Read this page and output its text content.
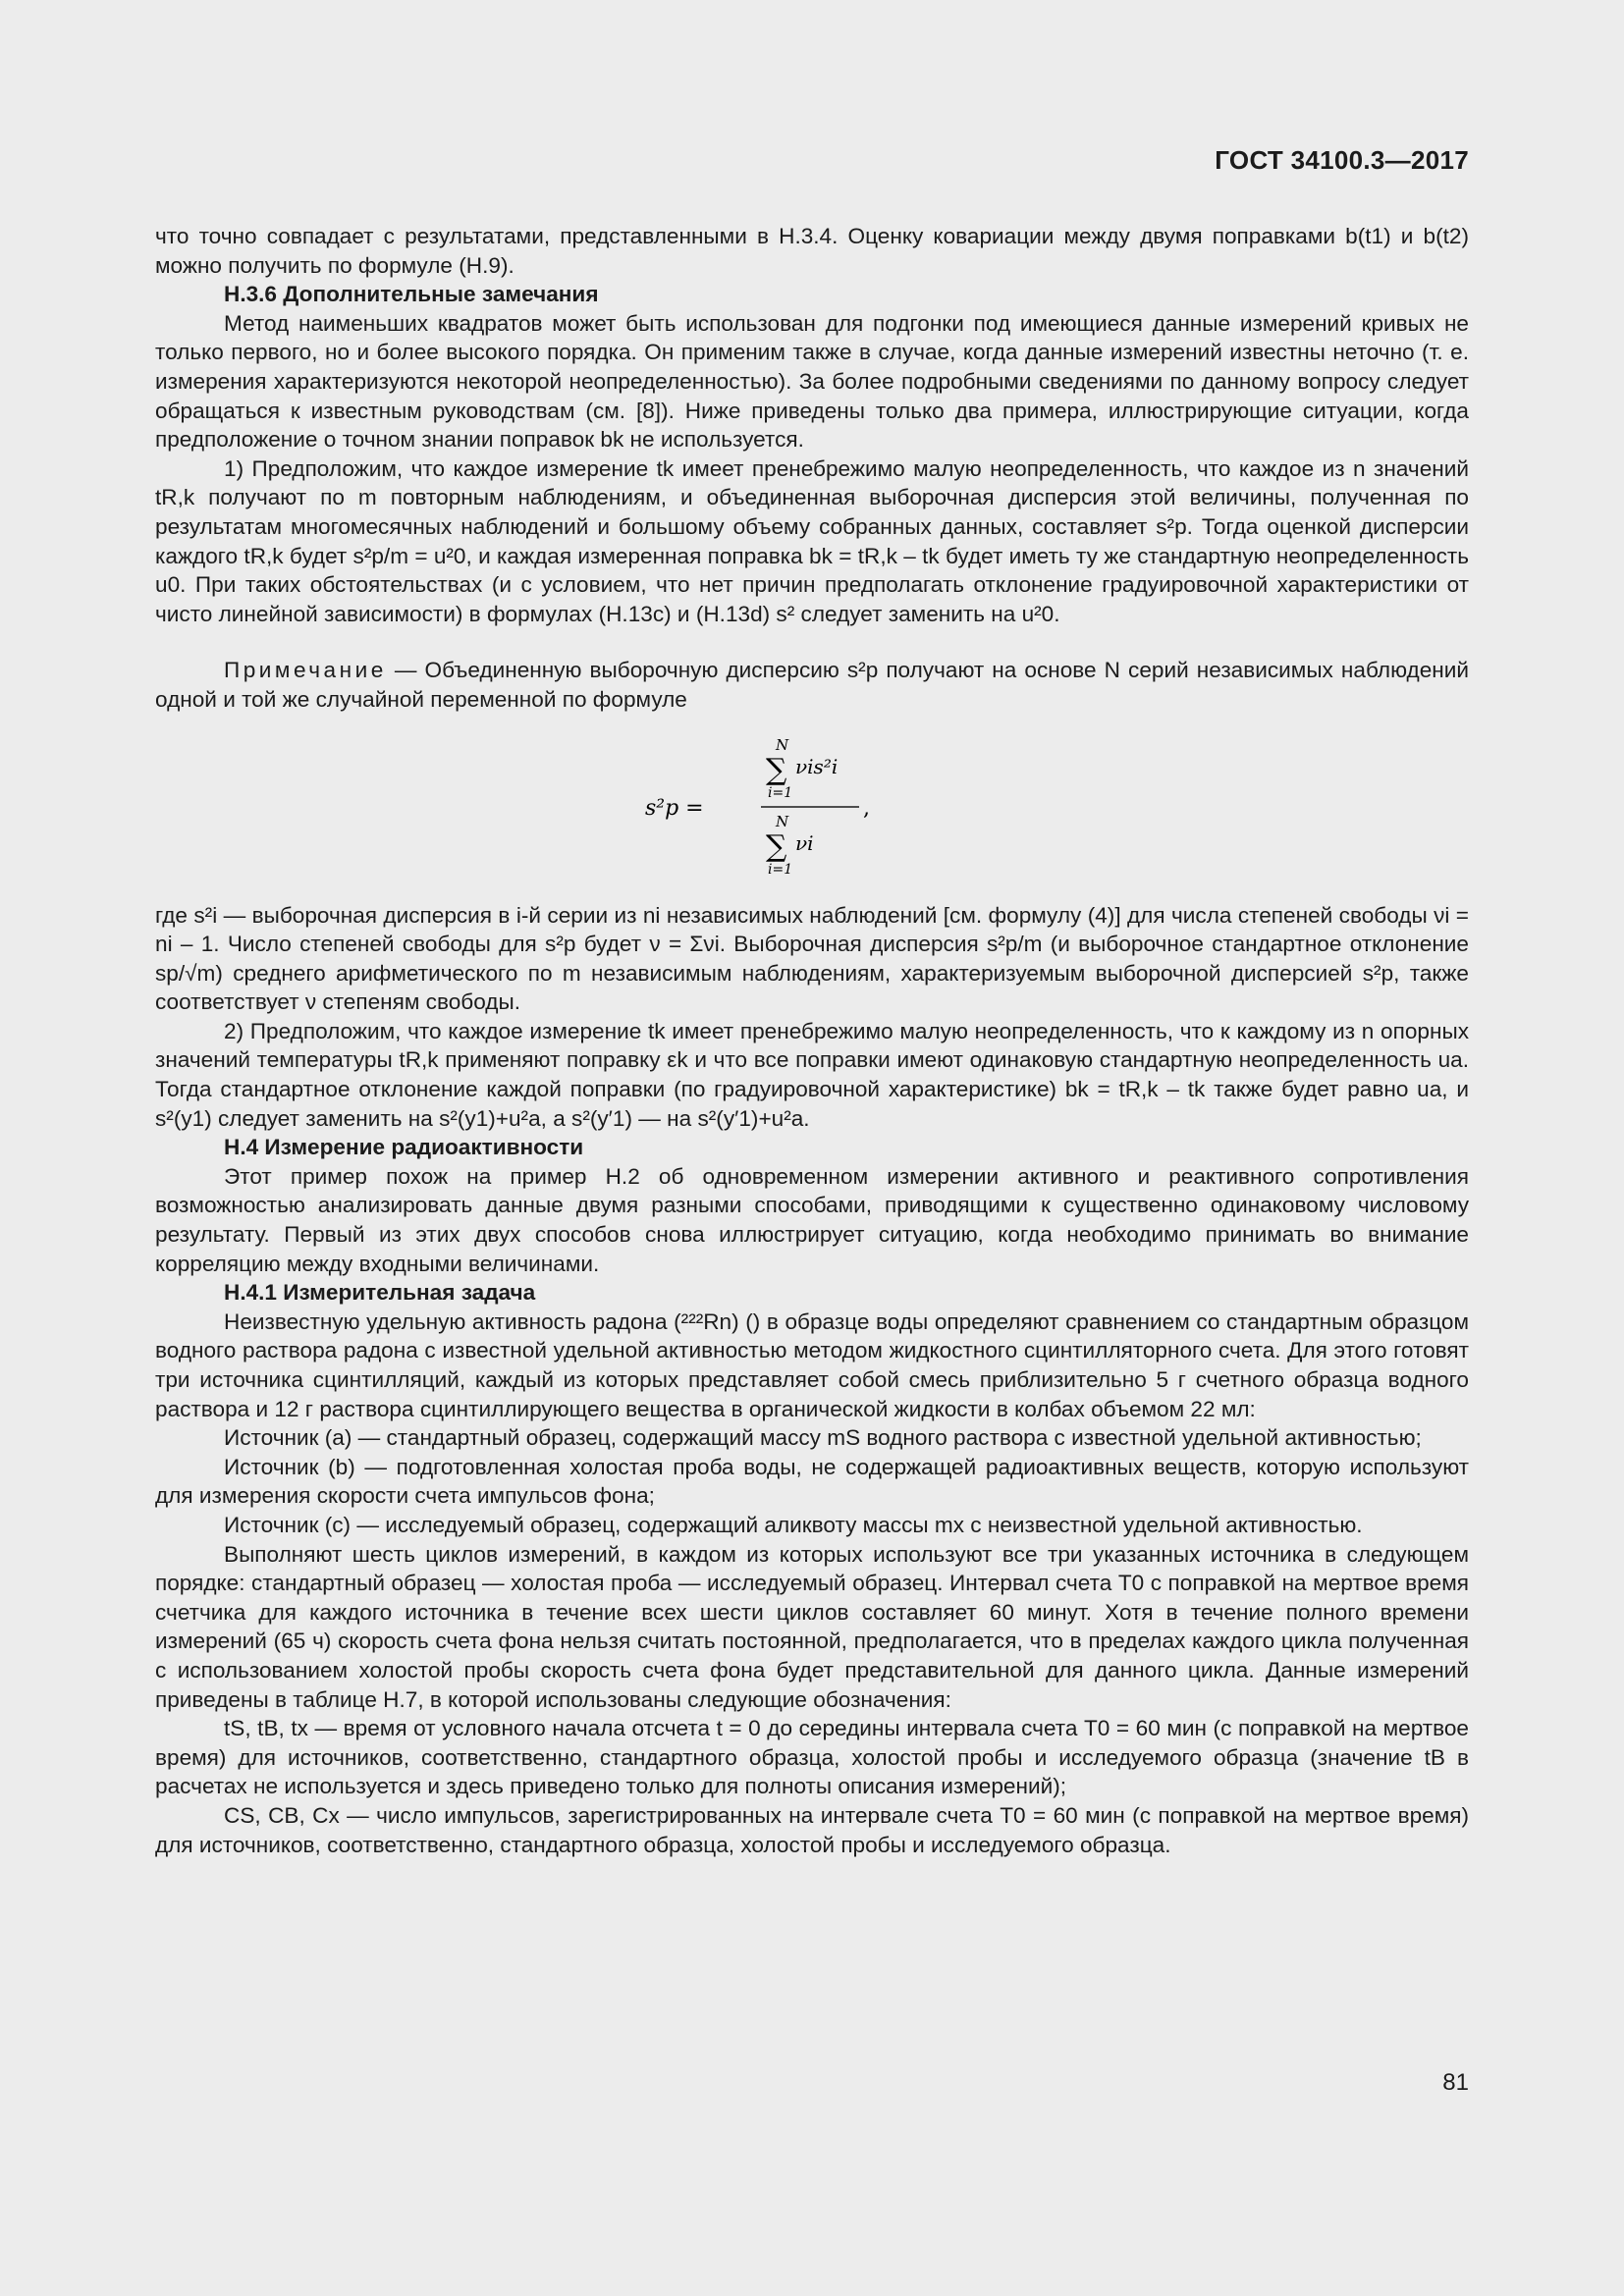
ГОСТ 34100.3—2017

что точно совпадает с результатами, представленными в Н.3.4. Оценку ковариации между двумя поправками b(t1) и b(t2) можно получить по формуле (Н.9).

Н.3.6 Дополнительные замечания

Метод наименьших квадратов может быть использован для подгонки под имеющиеся данные измерений кривых не только первого, но и более высокого порядка. Он применим также в случае, когда данные измерений известны неточно (т. е. измерения характеризуются некоторой неопределенностью). За более подробными сведениями по данному вопросу следует обращаться к известным руководствам (см. [8]). Ниже приведены только два примера, иллюстрирующие ситуации, когда предположение о точном знании поправок bk не используется.

1) Предположим, что каждое измерение tk имеет пренебрежимо малую неопределенность, что каждое из n значений tR,k получают по m повторным наблюдениям, и объединенная выборочная дисперсия этой величины, полученная по результатам многомесячных наблюдений и большому объему собранных данных, составляет s²p. Тогда оценкой дисперсии каждого tR,k будет s²p/m = u²0, и каждая измеренная поправка bk = tR,k – tk будет иметь ту же стандартную неопределенность u0. При таких обстоятельствах (и с условием, что нет причин предполагать отклонение градуировочной характеристики от чисто линейной зависимости) в формулах (Н.13c) и (Н.13d) s² следует заменить на u²0.

Примечание — Объединенную выборочную дисперсию s²p получают на основе N серий независимых наблюдений одной и той же случайной переменной по формуле

s²p =
N
∑ νis²i
i=1
,
N
∑ νi
i=1

где s²i — выборочная дисперсия в i-й серии из ni независимых наблюдений [см. формулу (4)] для числа степеней свободы νi = ni – 1. Число степеней свободы для s²p будет ν = Σνi. Выборочная дисперсия s²p/m (и выборочное стандартное отклонение sp/√m) среднего арифметического по m независимым наблюдениям, характеризуемым выборочной дисперсией s²p, также соответствует ν степеням свободы.

2) Предположим, что каждое измерение tk имеет пренебрежимо малую неопределенность, что к каждому из n опорных значений температуры tR,k применяют поправку εk и что все поправки имеют одинаковую стандартную неопределенность ua. Тогда стандартное отклонение каждой поправки (по градуировочной характеристике) bk = tR,k – tk также будет равно ua, и s²(y1) следует заменить на s²(y1)+u²a, а s²(y′1) — на s²(y′1)+u²a.

Н.4 Измерение радиоактивности

Этот пример похож на пример Н.2 об одновременном измерении активного и реактивного сопротивления возможностью анализировать данные двумя разными способами, приводящими к существенно одинаковому числовому результату. Первый из этих двух способов снова иллюстрирует ситуацию, когда необходимо принимать во внимание корреляцию между входными величинами.

Н.4.1 Измерительная задача

Неизвестную удельную активность радона (²²²Rn) () в образце воды определяют сравнением со стандартным образцом водного раствора радона с известной удельной активностью методом жидкостного сцинтилляторного счета. Для этого готовят три источника сцинтилляций, каждый из которых представляет собой смесь приблизительно 5 г счетного образца водного раствора и 12 г раствора сцинтиллирующего вещества в органической жидкости в колбах объемом 22 мл:

Источник (a) — стандартный образец, содержащий массу mS водного раствора с известной удельной активностью;

Источник (b) — подготовленная холостая проба воды, не содержащей радиоактивных веществ, которую используют для измерения скорости счета импульсов фона;

Источник (c) — исследуемый образец, содержащий аликвоту массы mx с неизвестной удельной активностью.

Выполняют шесть циклов измерений, в каждом из которых используют все три указанных источника в следующем порядке: стандартный образец — холостая проба — исследуемый образец. Интервал счета T0 с поправкой на мертвое время счетчика для каждого источника в течение всех шести циклов составляет 60 минут. Хотя в течение полного времени измерений (65 ч) скорость счета фона нельзя считать постоянной, предполагается, что в пределах каждого цикла полученная с использованием холостой пробы скорость счета фона будет представительной для данного цикла. Данные измерений приведены в таблице Н.7, в которой использованы следующие обозначения:

tS, tB, tx — время от условного начала отсчета t = 0 до середины интервала счета T0 = 60 мин (с поправкой на мертвое время) для источников, соответственно, стандартного образца, холостой пробы и исследуемого образца (значение tB в расчетах не используется и здесь приведено только для полноты описания измерений);

CS, CB, Cx — число импульсов, зарегистрированных на интервале счета T0 = 60 мин (с поправкой на мертвое время) для источников, соответственно, стандартного образца, холостой пробы и исследуемого образца.

81
